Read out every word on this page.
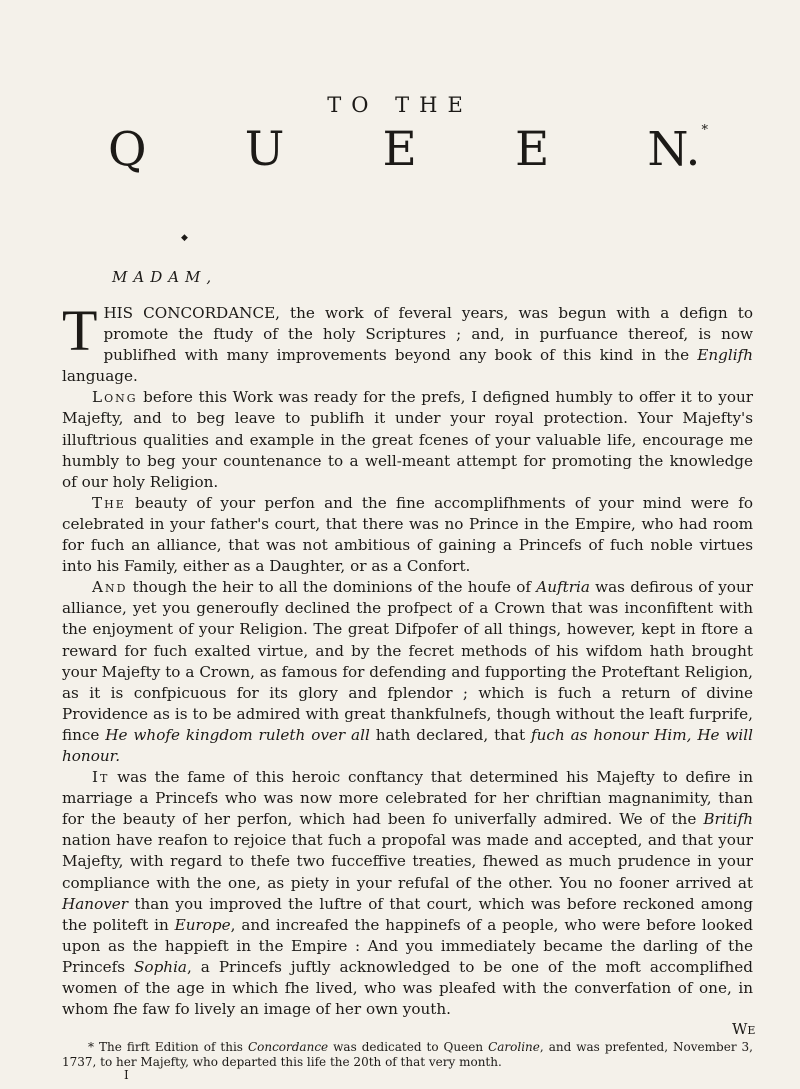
TO THE
Q U E E N.*
◆
MADAM,

THIS CONCORDANCE, the work of feveral years, was begun with a defign to promote the ftudy of the holy Scriptures ; and, in purfuance thereof, is now publifhed with many improvements beyond any book of this kind in the Englifh language.

Long before this Work was ready for the prefs, I defigned humbly to offer it to your Majefty, and to beg leave to publifh it under your royal protection. Your Majefty's illuftrious qualities and example in the great fcenes of your valuable life, encourage me humbly to beg your countenance to a well-meant attempt for promoting the knowledge of our holy Religion.

The beauty of your perfon and the fine accomplifhments of your mind were fo celebrated in your father's court, that there was no Prince in the Empire, who had room for fuch an alliance, that was not ambitious of gaining a Princefs of fuch noble virtues into his Family, either as a Daughter, or as a Confort.

And though the heir to all the dominions of the houfe of Auftria was defirous of your alliance, yet you generoufly declined the profpect of a Crown that was inconfiftent with the enjoyment of your Religion. The great Difpofer of all things, however, kept in ftore a reward for fuch exalted virtue, and by the fecret methods of his wifdom hath brought your Majefty to a Crown, as famous for defending and fupporting the Proteftant Religion, as it is confpicuous for its glory and fplendor ; which is fuch a return of divine Providence as is to be admired with great thankfulnefs, though without the leaft furprife, fince He whofe kingdom ruleth over all hath declared, that fuch as honour Him, He will honour.

It was the fame of this heroic conftancy that determined his Majefty to defire in marriage a Princefs who was now more celebrated for her chriftian magnanimity, than for the beauty of her perfon, which had been fo univerfally admired. We of the Britifh nation have reafon to rejoice that fuch a propofal was made and accepted, and that your Majefty, with regard to thefe two fucceffive treaties, fhewed as much prudence in your compliance with the one, as piety in your refufal of the other. You no fooner arrived at Hanover than you improved the luftre of that court, which was before reckoned among the politeft in Europe, and increafed the happinefs of a people, who were before looked upon as the happieft in the Empire : And you immediately became the darling of the Princefs Sophia, a Princefs juftly acknowledged to be one of the moft accomplifhed women of the age in which fhe lived, who was pleafed with the converfation of one, in whom fhe faw fo lively an image of her own youth.

We

* The firft Edition of this Concordance was dedicated to Queen Caroline, and was prefented, November 3, 1737, to her Majefty, who departed this life the 20th of that very month.

I
